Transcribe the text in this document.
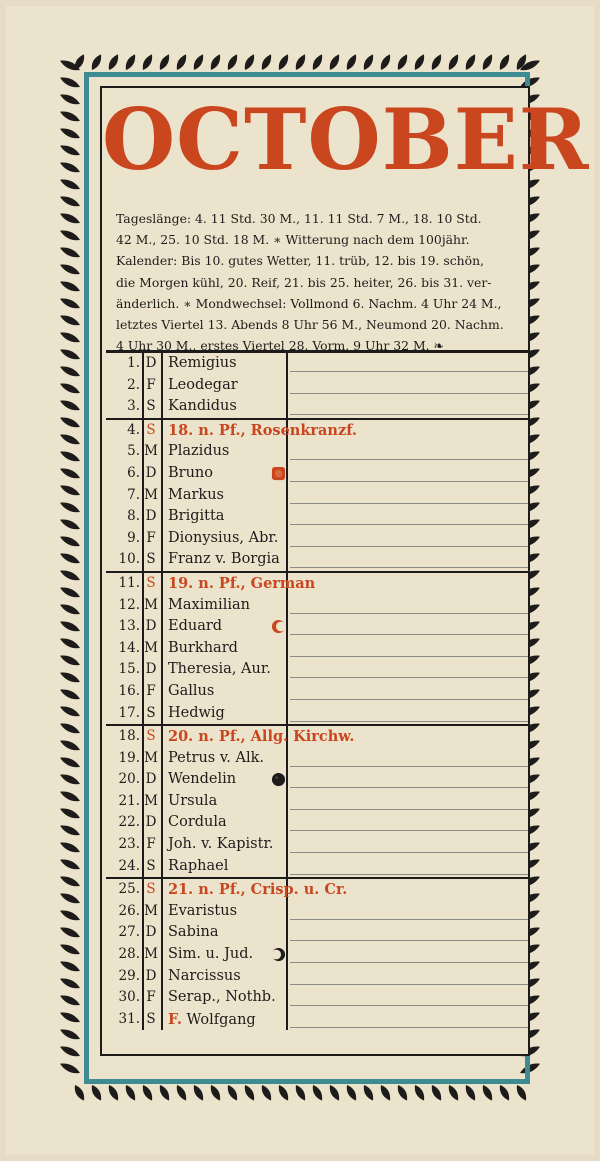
OCTOBER

Tageslänge: 4. 11 Std. 30 M., 11. 11 Std. 7 M., 18. 10 Std.

42 M., 25. 10 Std. 18 M. ∗ Witterung nach dem 100jähr.

Kalender: Bis 10. gutes Wetter, 11. trüb, 12. bis 19. schön,

die Morgen kühl, 20. Reif, 21. bis 25. heiter, 26. bis 31. ver-

änderlich. ∗ Mondwechsel: Vollmond 6. Nachm. 4 Uhr 24 M.,

letztes Viertel 13. Abends 8 Uhr 56 M., Neumond 20. Nachm.

4 Uhr 30 M., erstes Viertel 28. Vorm. 9 Uhr 32 M. ❧

1. D Remigius
2. F Leodegar
3. S Kandidus
4. S 18. n. Pf., Rosenkranzf.
5. M Plazidus
6. D Bruno
7. M Markus
8. D Brigitta
9. F Dionysius, Abr.
10. S Franz v. Borgia
11. S 19. n. Pf., German
12. M Maximilian
13. D Eduard
14. M Burkhard
15. D Theresia, Aur.
16. F Gallus
17. S Hedwig
18. S 20. n. Pf., Allg. Kirchw.
19. M Petrus v. Alk.
20. D Wendelin
21. M Ursula
22. D Cordula
23. F Joh. v. Kapistr.
24. S Raphael
25. S 21. n. Pf., Crisp. u. Cr.
26. M Evaristus
27. D Sabina
28. M Sim. u. Jud.
29. D Narcissus
30. F Serap., Nothb.
31. S F. Wolfgang
